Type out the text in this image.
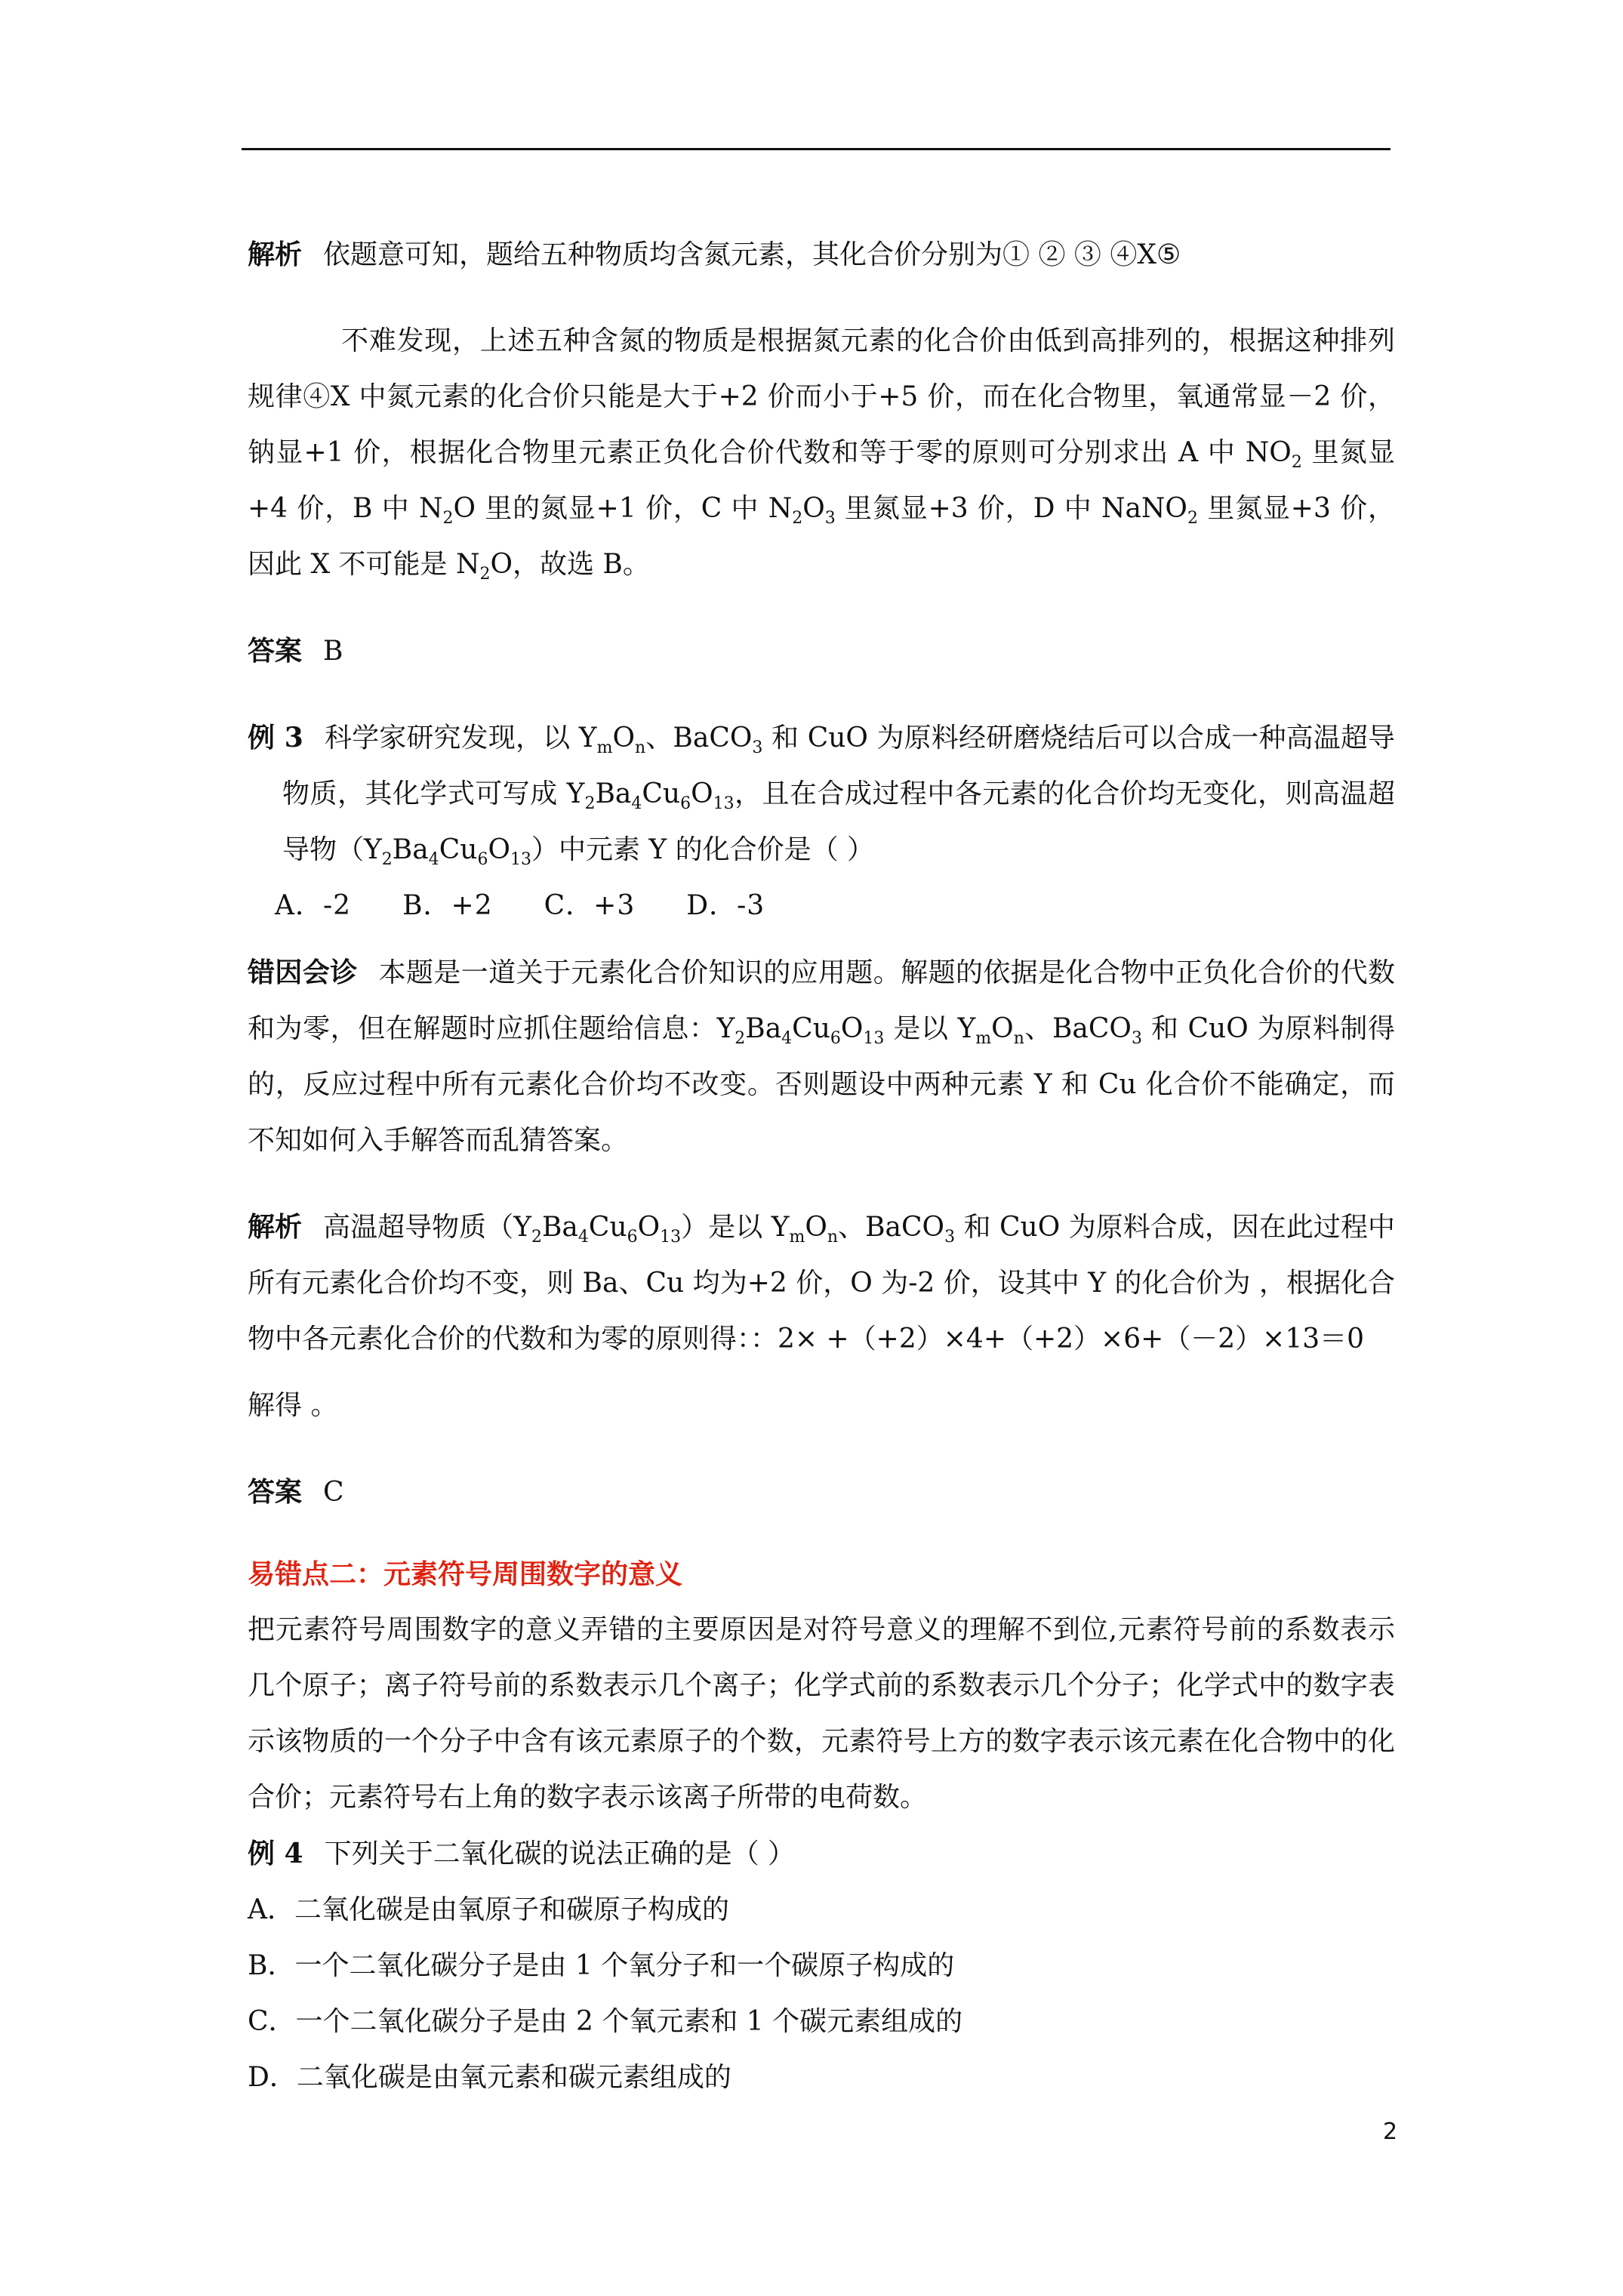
解析 依题意可知，题给五种物质均含氮元素，其化合价分别为① ② ③ ④X⑤

不难发现，上述五种含氮的物质是根据氮元素的化合价由低到高排列的，根据这种排列规律④X 中氮元素的化合价只能是大于+2 价而小于+5 价，而在化合物里，氧通常显－2 价，钠显+1 价，根据化合物里元素正负化合价代数和等于零的原则可分别求出 A 中 $NO_2$ 里氮显+4 价，B 中 $N_2O$ 里的氮显+1 价，C 中 $N_2O_3$ 里氮显+3 价，D 中 NaNO$_2$ 里氮显+3 价，因此 X 不可能是 $N_2O$，故选 B。

答案 B

例 3 科学家研究发现，以 $Y_mO_n$、BaCO$_3$ 和 CuO 为原料经研磨烧结后可以合成一种高温超导物质，其化学式可写成 $Y_2Ba_4Cu_6O_{13}$，且在合成过程中各元素的化合价均无变化，则高温超导物$(Y_2Ba_4Cu_6O_{13})$中元素 Y 的化合价是（ ）

A．-2 B．+2 C．+3 D．-3

错因会诊 本题是一道关于元素化合价知识的应用题。解题的依据是化合物中正负化合价的代数和为零，但在解题时应抓住题给信息：$Y_2Ba_4Cu_6O_{13}$ 是以 $Y_mO_n$、BaCO$_3$ 和 CuO 为原料制得的，反应过程中所有元素化合价均不改变。否则题设中两种元素 Y 和 Cu 化合价不能确定，而不知如何入手解答而乱猜答案。

解析 高温超导物质$(Y_2Ba_4Cu_6O_{13})$是以 $Y_mO_n$、BaCO$_3$ 和 CuO 为原料合成，因在此过程中所有元素化合价均不变，则 Ba、Cu 均为+2 价，O 为-2 价，设其中 Y 的化合价为 ，根据化合物中各元素化合价的代数和为零的原则得：：2× +（+2）×4+（+2）×6+（－2）×13＝0

解得 。

答案 C

易错点二：元素符号周围数字的意义

把元素符号周围数字的意义弄错的主要原因是对符号意义的理解不到位,元素符号前的系数表示几个原子；离子符号前的系数表示几个离子；化学式前的系数表示几个分子；化学式中的数字表示该物质的一个分子中含有该元素原子的个数，元素符号上方的数字表示该元素在化合物中的化合价；元素符号右上角的数字表示该离子所带的电荷数。

例 4 下列关于二氧化碳的说法正确的是（ ）

A．二氧化碳是由氧原子和碳原子构成的

B．一个二氧化碳分子是由 1 个氧分子和一个碳原子构成的

C．一个二氧化碳分子是由 2 个氧元素和 1 个碳元素组成的

D．二氧化碳是由氧元素和碳元素组成的

2
